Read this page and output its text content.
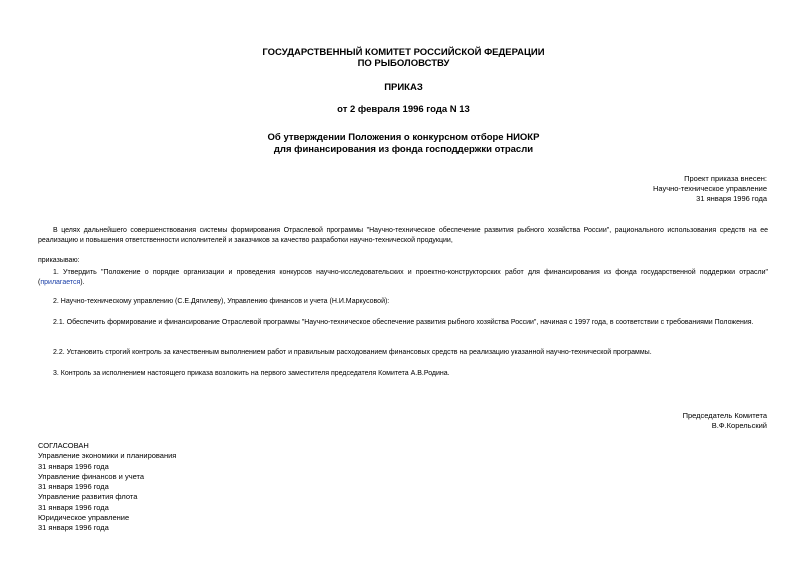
ГОСУДАРСТВЕННЫЙ КОМИТЕТ РОССИЙСКОЙ ФЕДЕРАЦИИ
ПО РЫБОЛОВСТВУ
ПРИКАЗ
от 2 февраля 1996 года N 13
Об утверждении Положения о конкурсном отборе НИОКР
для финансирования из фонда господдержки отрасли
Проект приказа внесен:
Научно-техническое управление
31 января 1996 года
В целях дальнейшего совершенствования системы формирования Отраслевой программы "Научно-техническое обеспечение развития рыбного хозяйства России", рационального использования средств на ее реализацию и повышения ответственности исполнителей и заказчиков за качество разработки научно-технической продукции,
приказываю:
1. Утвердить "Положение о порядке организации и проведения конкурсов научно-исследовательских и проектно-конструкторских работ для финансирования из фонда государственной поддержки отрасли" (прилагается).
2. Научно-техническому управлению (С.Е.Дягилеву), Управлению финансов и учета (Н.И.Маркусовой):
2.1. Обеспечить формирование и финансирование Отраслевой программы "Научно-техническое обеспечение развития рыбного хозяйства России", начиная с 1997 года, в соответствии с требованиями Положения.
2.2. Установить строгий контроль за качественным выполнением работ и правильным расходованием финансовых средств на реализацию указанной научно-технической программы.
3. Контроль за исполнением настоящего приказа возложить на первого заместителя председателя Комитета А.В.Родина.
Председатель Комитета
В.Ф.Корельский
СОГЛАСОВАН
Управление экономики и планирования
31 января 1996 года
Управление финансов и учета
31 января 1996 года
Управление развития флота
31 января 1996 года
Юридическое управление
31 января 1996 года
